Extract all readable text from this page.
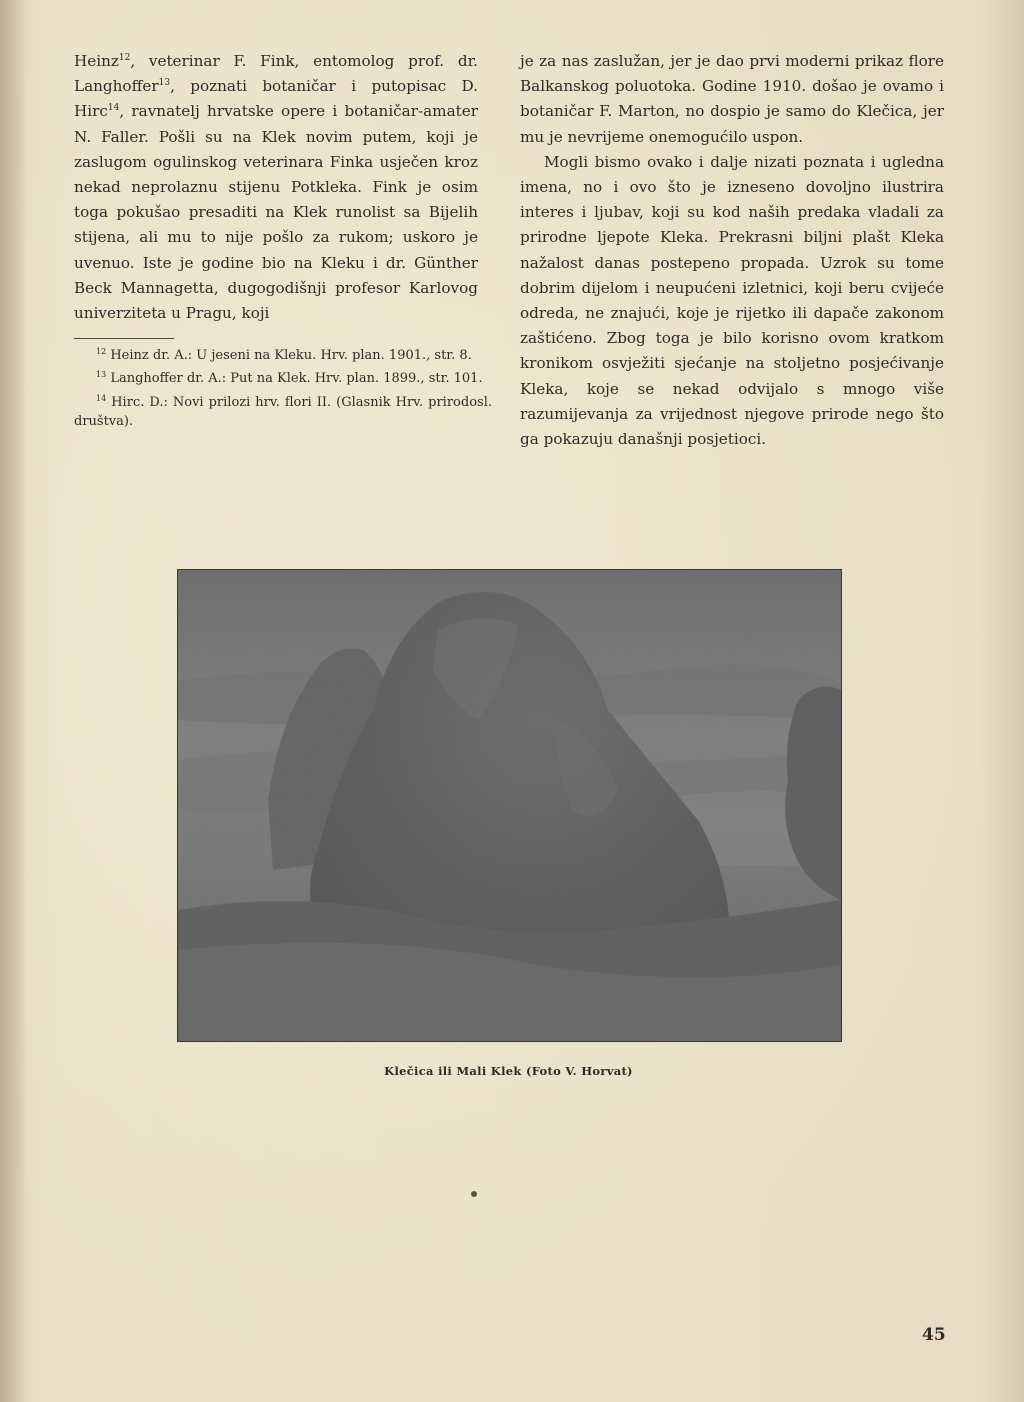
Heinz$^{12}$, veterinar F. Fink, entomolog prof. dr. Langhoffer$^{13}$, poznati botaničar i putopisac D. Hirc$^{14}$, ravnatelj hrvatske opere i botaničar-amater N. Faller. Pošli su na Klek novim putem, koji je zaslugom ogulinskog veterinara Finka usječen kroz nekad neprolaznu stijenu Potkleka. Fink je osim toga pokušao presaditi na Klek runolist sa Bijelih stijena, ali mu to nije pošlo za rukom; uskoro je uvenuo. Iste je godine bio na Kleku i dr. Günther Beck Mannagetta, dugogodišnji profesor Karlovog univerziteta u Pragu, koji

$^{12}$ Heinz dr. A.: U jeseni na Kleku. Hrv. plan. 1901., str. 8.

$^{13}$ Langhoffer dr. A.: Put na Klek. Hrv. plan. 1899., str. 101.

$^{14}$ Hirc. D.: Novi prilozi hrv. flori II. (Glasnik Hrv. prirodosl. društva).

je za nas zaslužan, jer je dao prvi moderni prikaz flore Balkanskog poluotoka. Godine 1910. došao je ovamo i botaničar F. Marton, no dospio je samo do Klečica, jer mu je nevrijeme onemogućilo uspon.

Mogli bismo ovako i dalje nizati poznata i ugledna imena, no i ovo što je izneseno dovoljno ilustrira interes i ljubav, koji su kod naših predaka vladali za prirodne ljepote Kleka. Prekrasni biljni plašt Kleka nažalost danas postepeno propada. Uzrok su tome dobrim dijelom i neupućeni izletnici, koji beru cvijeće odreda, ne znajući, koje je rijetko ili dapače zakonom zaštićeno. Zbog toga je bilo korisno ovom kratkom kronikom osvježiti sjećanje na stoljetno posjećivanje Kleka, koje se nekad odvijalo s mnogo više razumijevanja za vrijednost njegove prirode nego što ga pokazuju današnji posjetioci.

Klečica ili Mali Klek (Foto V. Horvat)
45
